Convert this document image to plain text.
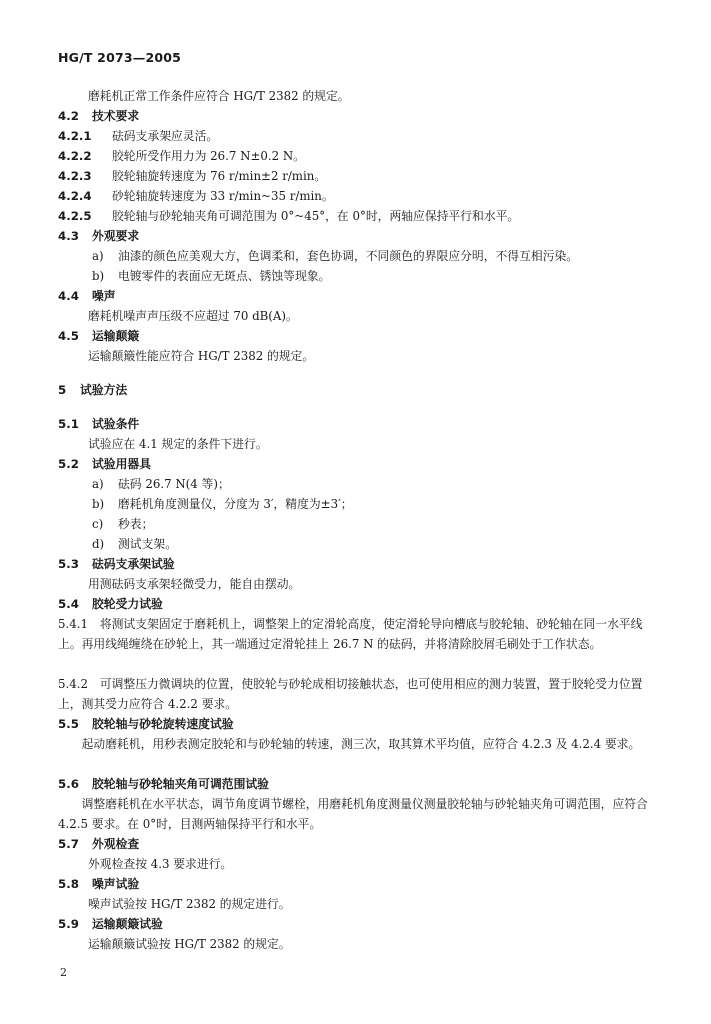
HG/T 2073—2005
磨耗机正常工作条件应符合 HG/T 2382 的规定。
4.2 技术要求
4.2.1 砝码支承架应灵活。
4.2.2 胶轮所受作用力为 26.7 N±0.2 N。
4.2.3 胶轮轴旋转速度为 76 r/min±2 r/min。
4.2.4 砂轮轴旋转速度为 33 r/min~35 r/min。
4.2.5 胶轮轴与砂轮轴夹角可调范围为 0°~45°，在 0°时，两轴应保持平行和水平。
4.3 外观要求
a) 油漆的颜色应美观大方，色调柔和，套色协调，不同颜色的界限应分明，不得互相污染。
b) 电镀零件的表面应无斑点、锈蚀等现象。
4.4 噪声
磨耗机噪声声压级不应超过 70 dB(A)。
4.5 运输颠簸
运输颠簸性能应符合 HG/T 2382 的规定。
5 试验方法
5.1 试验条件
试验应在 4.1 规定的条件下进行。
5.2 试验用器具
a) 砝码 26.7 N(4 等)；
b) 磨耗机角度测量仪，分度为 3′，精度为±3′；
c) 秒表；
d) 测试支架。
5.3 砝码支承架试验
用测砝码支承架轻微受力，能自由摆动。
5.4 胶轮受力试验
5.4.1　将测试支架固定于磨耗机上，调整架上的定滑轮高度，使定滑轮导向槽底与胶轮轴、砂轮轴在同一水平线上。再用线绳缠绕在砂轮上，其一端通过定滑轮挂上 26.7 N 的砝码，并将清除胶屑毛刷处于工作状态。
5.4.2　可调整压力微调块的位置，使胶轮与砂轮成相切接触状态，也可使用相应的测力装置，置于胶轮受力位置上，测其受力应符合 4.2.2 要求。
5.5 胶轮轴与砂轮旋转速度试验
　　起动磨耗机，用秒表测定胶轮和与砂轮轴的转速，测三次，取其算术平均值，应符合 4.2.3 及 4.2.4 要求。
5.6 胶轮轴与砂轮轴夹角可调范围试验
　　调整磨耗机在水平状态，调节角度调节螺栓，用磨耗机角度测量仪测量胶轮轴与砂轮轴夹角可调范围，应符合 4.2.5 要求。在 0°时，目测两轴保持平行和水平。
5.7 外观检查
外观检查按 4.3 要求进行。
5.8 噪声试验
噪声试验按 HG/T 2382 的规定进行。
5.9 运输颠簸试验
运输颠簸试验按 HG/T 2382 的规定。
2
